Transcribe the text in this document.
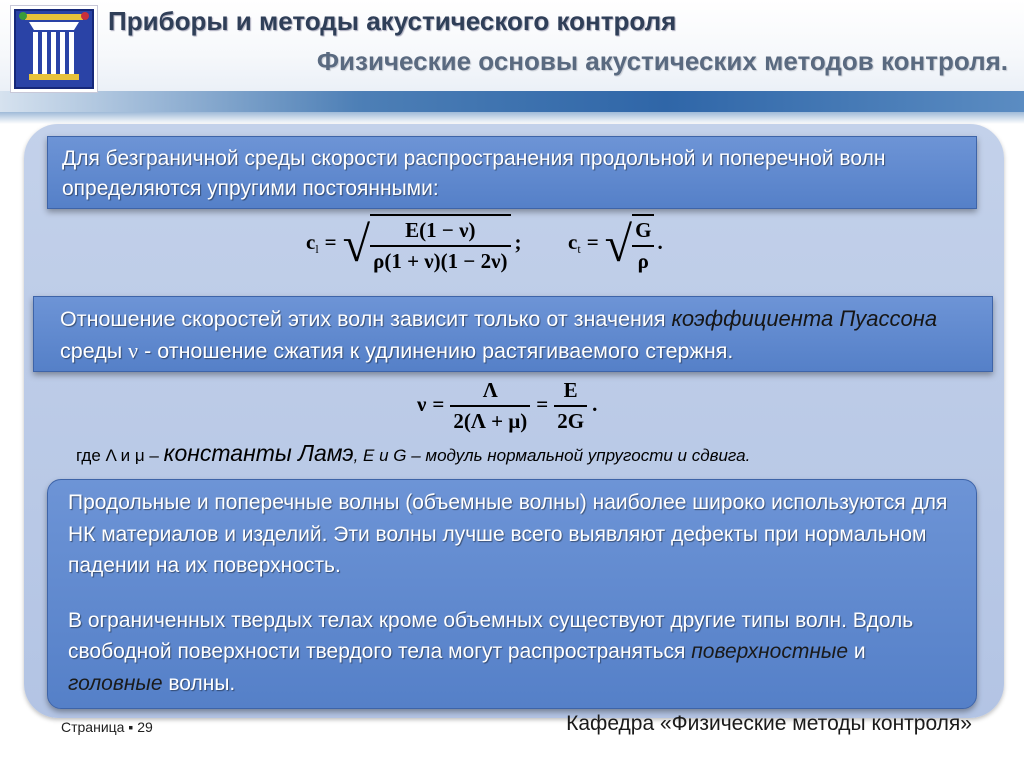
Приборы и методы акустического контроля
Физические основы акустических методов контроля.

Для безграничной среды скорости распространения продольной и поперечной волн определяются упругими постоянными:

$c_l$ = √ $\frac{E(1 - \nu)}{\rho(1 + \nu)(1 - 2\nu)}$ ; $c_t$ = √ $\frac{G}{\rho}$ .

Отношение скоростей этих волн зависит только от значения коэффициента Пуассона среды ν - отношение сжатия к удлинению растягиваемого стержня.

$\nu = \frac{\Lambda}{2(\Lambda + \mu)} = \frac{E}{2G}$ .
где Λ и μ – константы Ламэ, E и G – модуль нормальной упругости и сдвига.

Продольные и поперечные волны (объемные волны) наиболее широко используются для НК материалов и изделий. Эти волны лучше всего выявляют дефекты при нормальном падении на их поверхность.

В ограниченных твердых телах кроме объемных существуют другие типы волн. Вдоль свободной поверхности твердого тела могут распространяться поверхностные и головные волны.

Страница ▪ 29	Кафедра «Физические методы контроля»
